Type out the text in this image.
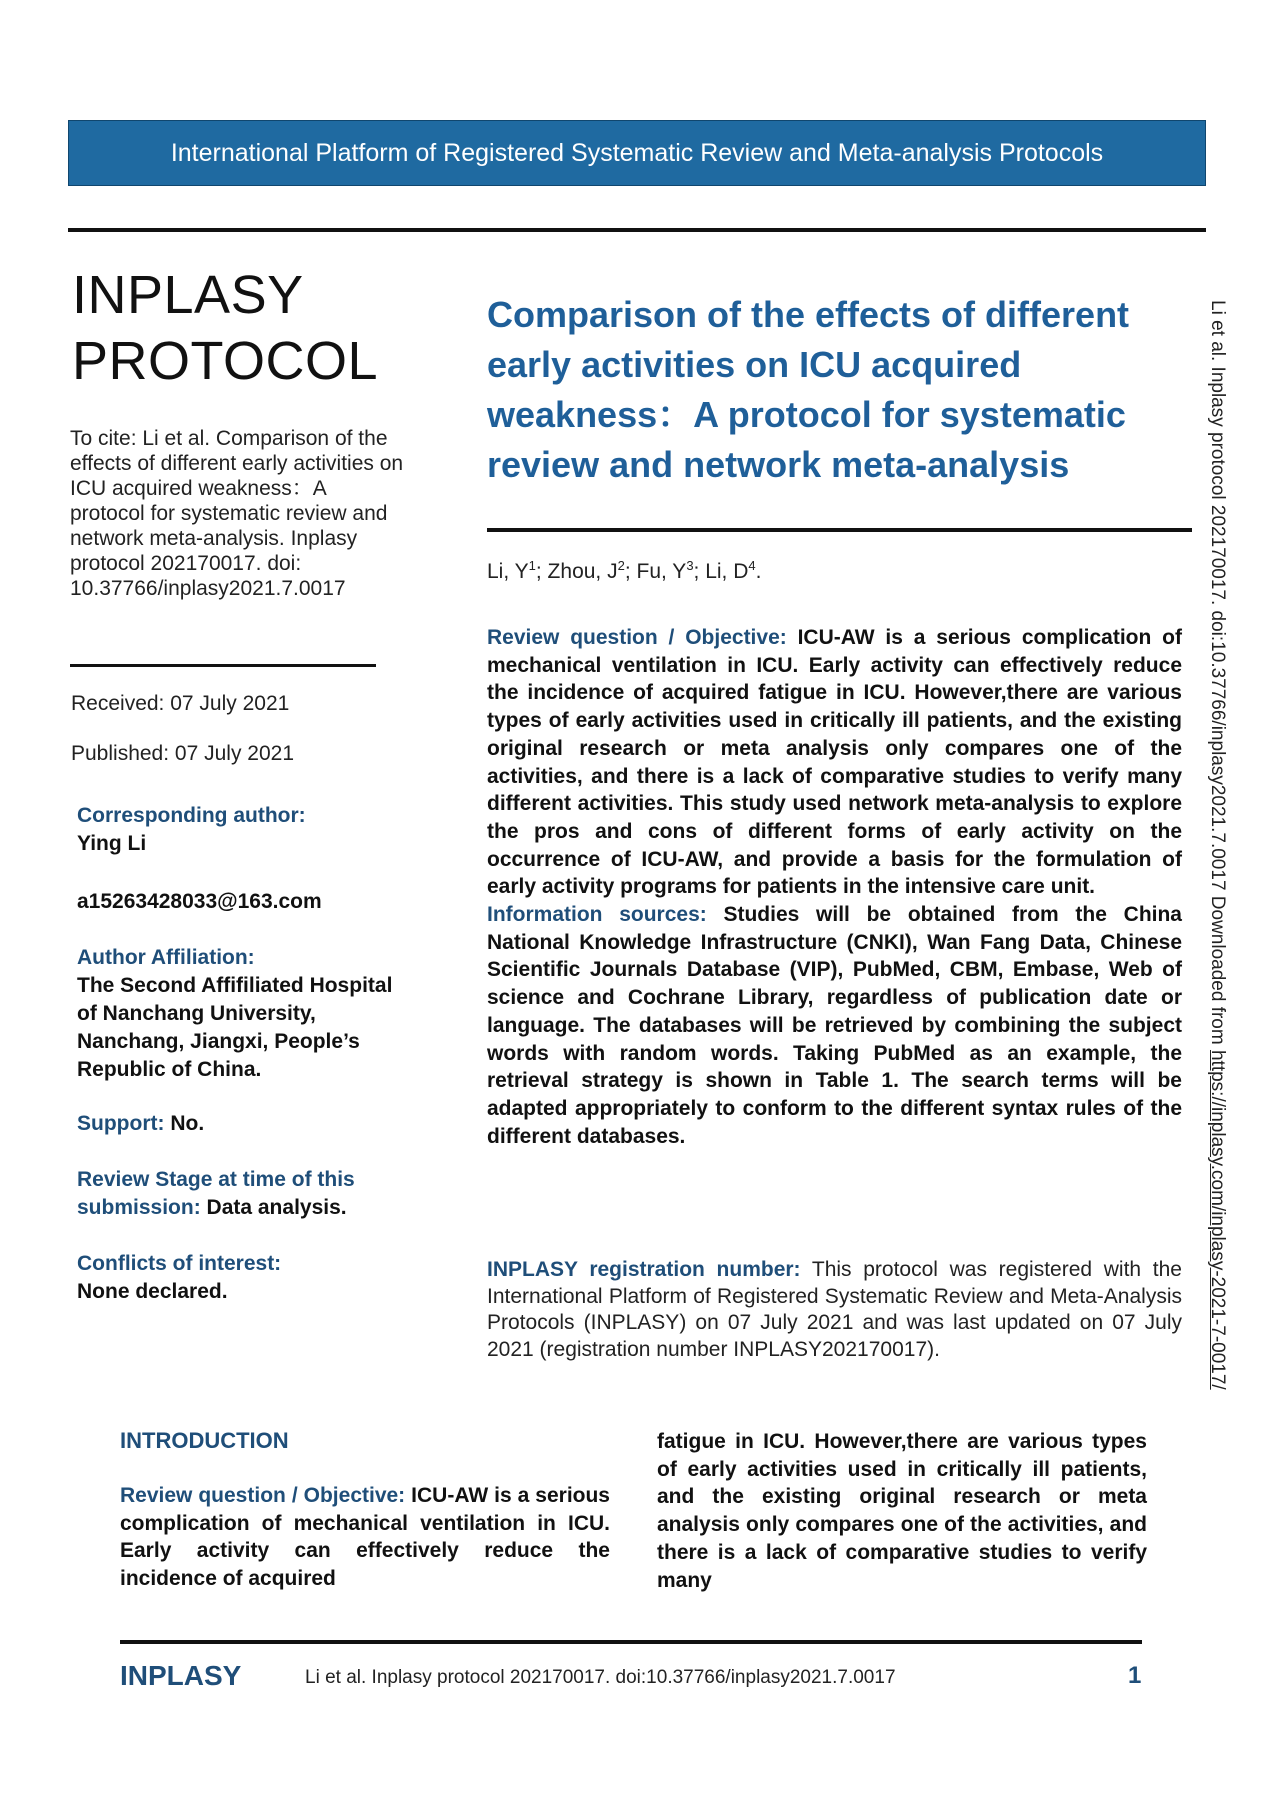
International Platform of Registered Systematic Review and Meta-analysis Protocols
INPLASY
PROTOCOL
To cite: Li et al. Comparison of the effects of different early activities on ICU acquired weakness：A protocol for systematic review and network meta-analysis. Inplasy protocol 202170017. doi: 10.37766/inplasy2021.7.0017
Received: 07 July 2021
Published: 07 July 2021
Corresponding author:
Ying Li
a15263428033@163.com
Author Affiliation:
The Second Affifiliated Hospital of Nanchang University, Nanchang, Jiangxi, People’s Republic of China.
Support: No.
Review Stage at time of this submission: Data analysis.
Conflicts of interest:
None declared.
Comparison of the effects of different early activities on ICU acquired weakness：A protocol for systematic review and network meta-analysis
Li, $Y^1$; Zhou, $J^2$; Fu, $Y^3$; Li, $D^4$.

Review question / Objective: ICU-AW is a serious complication of mechanical ventilation in ICU. Early activity can effectively reduce the incidence of acquired fatigue in ICU. However,there are various types of early activities used in critically ill patients, and the existing original research or meta analysis only compares one of the activities, and there is a lack of comparative studies to verify many different activities. This study used network meta-analysis to explore the pros and cons of different forms of early activity on the occurrence of ICU-AW, and provide a basis for the formulation of early activity programs for patients in the intensive care unit.

Information sources: Studies will be obtained from the China National Knowledge Infrastructure (CNKI), Wan Fang Data, Chinese Scientific Journals Database (VIP), PubMed, CBM, Embase, Web of science and Cochrane Library, regardless of publication date or language. The databases will be retrieved by combining the subject words with random words. Taking PubMed as an example, the retrieval strategy is shown in Table 1. The search terms will be adapted appropriately to conform to the different syntax rules of the different databases.

INPLASY registration number: This protocol was registered with the International Platform of Registered Systematic Review and Meta-Analysis Protocols (INPLASY) on 07 July 2021 and was last updated on 07 July 2021 (registration number INPLASY202170017).
INTRODUCTION

Review question / Objective: ICU-AW is a serious complication of mechanical ventilation in ICU. Early activity can effectively reduce the incidence of acquired

fatigue in ICU. However,there are various types of early activities used in critically ill patients, and the existing original research or meta analysis only compares one of the activities, and there is a lack of comparative studies to verify many

Li et al. Inplasy protocol 202170017. doi:10.37766/inplasy2021.7.0017 Downloaded from https://inplasy.com/inplasy-2021-7-0017/
INPLASY	Li et al. Inplasy protocol 202170017. doi:10.37766/inplasy2021.7.0017	1
